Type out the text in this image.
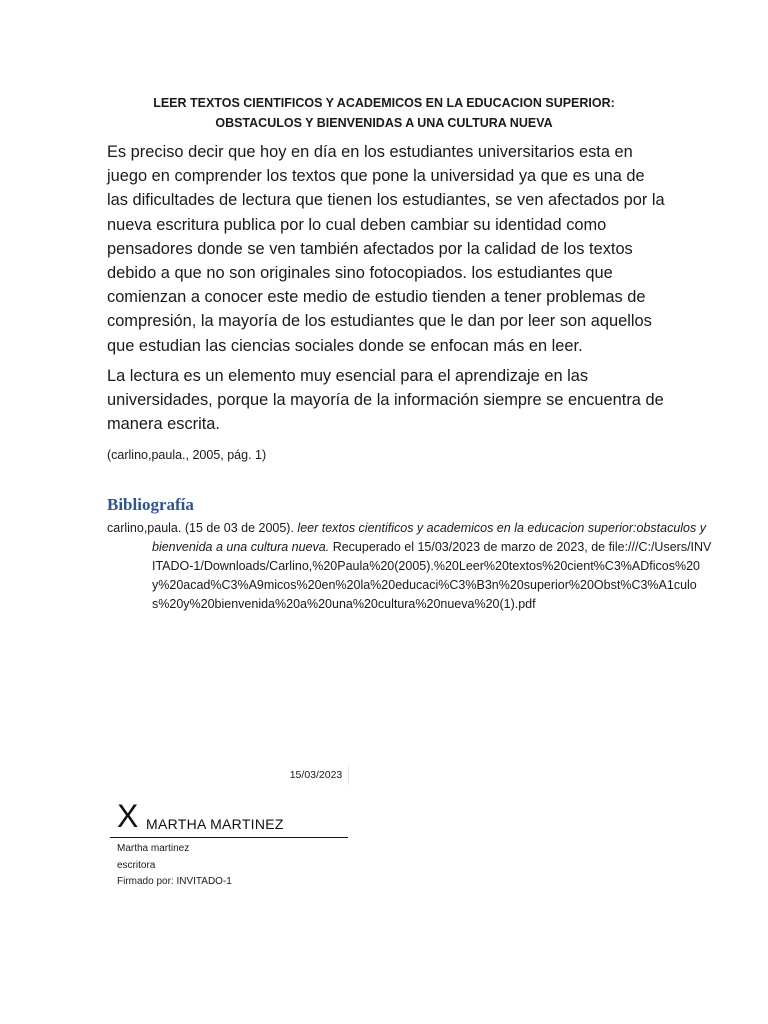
LEER TEXTOS CIENTIFICOS Y ACADEMICOS EN LA EDUCACION SUPERIOR: OBSTACULOS Y BIENVENIDAS A UNA CULTURA NUEVA

Es preciso decir que hoy en día en los estudiantes universitarios esta en juego en comprender los textos que pone la universidad ya que es una de las dificultades de lectura que tienen los estudiantes, se ven afectados por la nueva escritura publica por lo cual deben cambiar su identidad como pensadores donde se ven también afectados por la calidad de los textos debido a que no son originales sino fotocopiados. los estudiantes que comienzan a conocer este medio de estudio tienden a tener problemas de compresión, la mayoría de los estudiantes que le dan por leer son aquellos que estudian las ciencias sociales donde se enfocan más en leer.

La lectura es un elemento muy esencial para el aprendizaje en las universidades, porque la mayoría de la información siempre se encuentra de manera escrita.

(carlino,paula., 2005, pág. 1)
Bibliografía
carlino,paula. (15 de 03 de 2005). leer textos cientificos y academicos en la educacion superior:obstaculos y bienvenida a una cultura nueva. Recuperado el 15/03/2023 de marzo de 2023, de file:///C:/Users/INVITADO-1/Downloads/Carlino,%20Paula%20(2005).%20Leer%20textos%20cient%C3%ADficos%20y%20acad%C3%A9micos%20en%20la%20educaci%C3%B3n%20superior%20Obst%C3%A1culos%20y%20bienvenida%20a%20una%20cultura%20nueva%20(1).pdf
15/03/2023
X MARTHA MARTINEZ
Martha martinez
escritora
Firmado por: INVITADO-1
